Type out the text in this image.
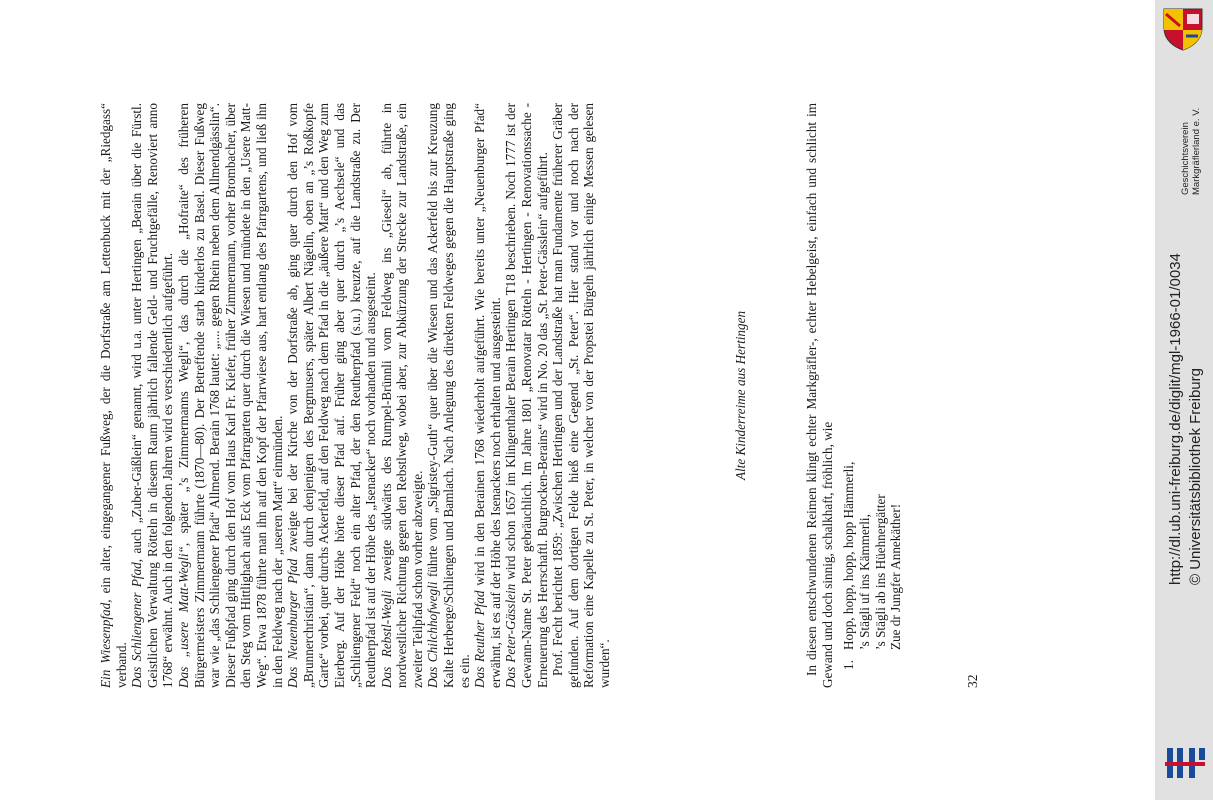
Ein Wiesenpfad, ein alter, eingegangener Fußweg, der die Dorfstraße am Lettenbuck mit der „Riedgass“ verband. Das Schliengener Pfad, auch „Zuber-Gäßlein“ genannt, wird u.a. unter Hertingen „Berain über die Fürstl. Geistlichen Verwaltung Rötteln in diesem Raum jährlich fallende Geld- und Fruchtgefälle, Renoviert anno 1768“ erwähnt. Auch in den folgenden Jahren wird es verschiedentlich aufgeführt. Das „usere Matt-Wegli“, später „’s Zimmermanns Wegli“, das durch die „Hofraite“ des früheren Bürgermeisters Zimmermann führte (1870—80). Der Betreffende starb kinderlos zu Basel. Dieser Fußweg war wie „das Schliengener Pfad“ Allmend. Berain 1768 lautet: „.... gegen Rhein neben dem Allmendgässlin“. Dieser Fußpfad ging durch den Hof vom Haus Karl Fr. Kiefer, früher Zimmermann, vorher Brombacher, über den Steg vom Hittlighach aufs Eck vom Pfarrgarten quer durch die Wiesen und mündete in den „Usere Matt-Weg“. Etwa 1878 führte man ihn auf den Kopf der Pfarrwiese aus, hart entlang des Pfarrgartens, und ließ ihn in den Feldweg nach der „useren Matt“ einmünden. Das Neuenburger Pfad zweigte bei der Kirche von der Dorfstraße ab, ging quer durch den Hof vom „Brunnerchristian“, dann durch denjenigen des Bergmusers, später Albert Nägelin, oben an „’s Roßkopfe Garte“ vorbei, quer durchs Ackerfeld, auf den Feldweg nach dem Pfad in die „äußere Matt“ und den Weg zum Eierberg. Auf der Höhe hörte dieser Pfad auf. Früher ging aber quer durch „’s Aechsele“ und das „Schliengener Feld“ noch ein alter Pfad, der den Reutherpfad (s.u.) kreuzte, auf die Landstraße zu. Der Reutherpfad ist auf der Höhe des „Isenacker“ noch vorhanden und ausgesteint. Das Rebstl-Wegli zweigte südwärts des Rumpel-Brünnli vom Feldweg ins „Gieseli“ ab, führte in nordwestlicher Richtung gegen den Rebstlweg, wobei aber, zur Abkürzung der Strecke zur Landstraße, ein zweiter Teilpfad schon vorher abzweigte. Das Chilchhofwegli führte vom „Sigristey-Guth“ quer über die Wiesen und das Ackerfeld bis zur Kreuzung Kalte Herberge/Schliengen und Bamlach. Nach Anlegung des direkten Feldweges gegen die Hauptstraße ging es ein. Das Reuther Pfad wird in den Berainen 1768 wiederholt aufgeführt. Wie bereits unter „Neuenburger Pfad“ erwähnt, ist es auf der Höhe des Isenackers noch erhalten und ausgesteint. Das Peter-Gässlein wird schon 1657 im Klingenthaler Berain Hertingen T18 beschrieben. Noch 1777 ist der Gewann-Name St. Peter gebräuchlich. Im Jahre 1801 „Renovatar Rötteln - Hertingen - Renovationssache - Erneuerung des Herrschaftl. Burgrocken-Berains“ wird in No. 20 das „St. Peter-Gässlein“ aufgeführt. Prof. Fecht berichtet 1859: „Zwischen Hertingen und der Landstraße hat man Fundamente früherer Gräber gefunden. Auf dem dortigen Felde hieß eine Gegend „St. Peter“. Hier stand vor und noch nach der Reformation eine Kapelle zu St. Peter, in welcher von der Propstei Bürgeln jährlich einige Messen gelesen wurden“.

Alte Kinderreime aus Hertingen	In diesen entschwundenen Reimen klingt echter Markgräfler-, echter Hebelgeist, einfach und schlicht im Gewand und doch sinnig, schalkhaft, fröhlich, wie 1.Hopp, hopp, hopp, hopp Hämmerli, ’s Stägli uf ins Kämmerli, ’s Stägli ab ins Hüehnergätter Zue dr Jungfer Annekäther!
32
Geschichtsverein Markgräflerland e. V.
http://dl.ub.uni-freiburg.de/diglit/mgl-1966-01/0034 © Universitätsbibliothek Freiburg
